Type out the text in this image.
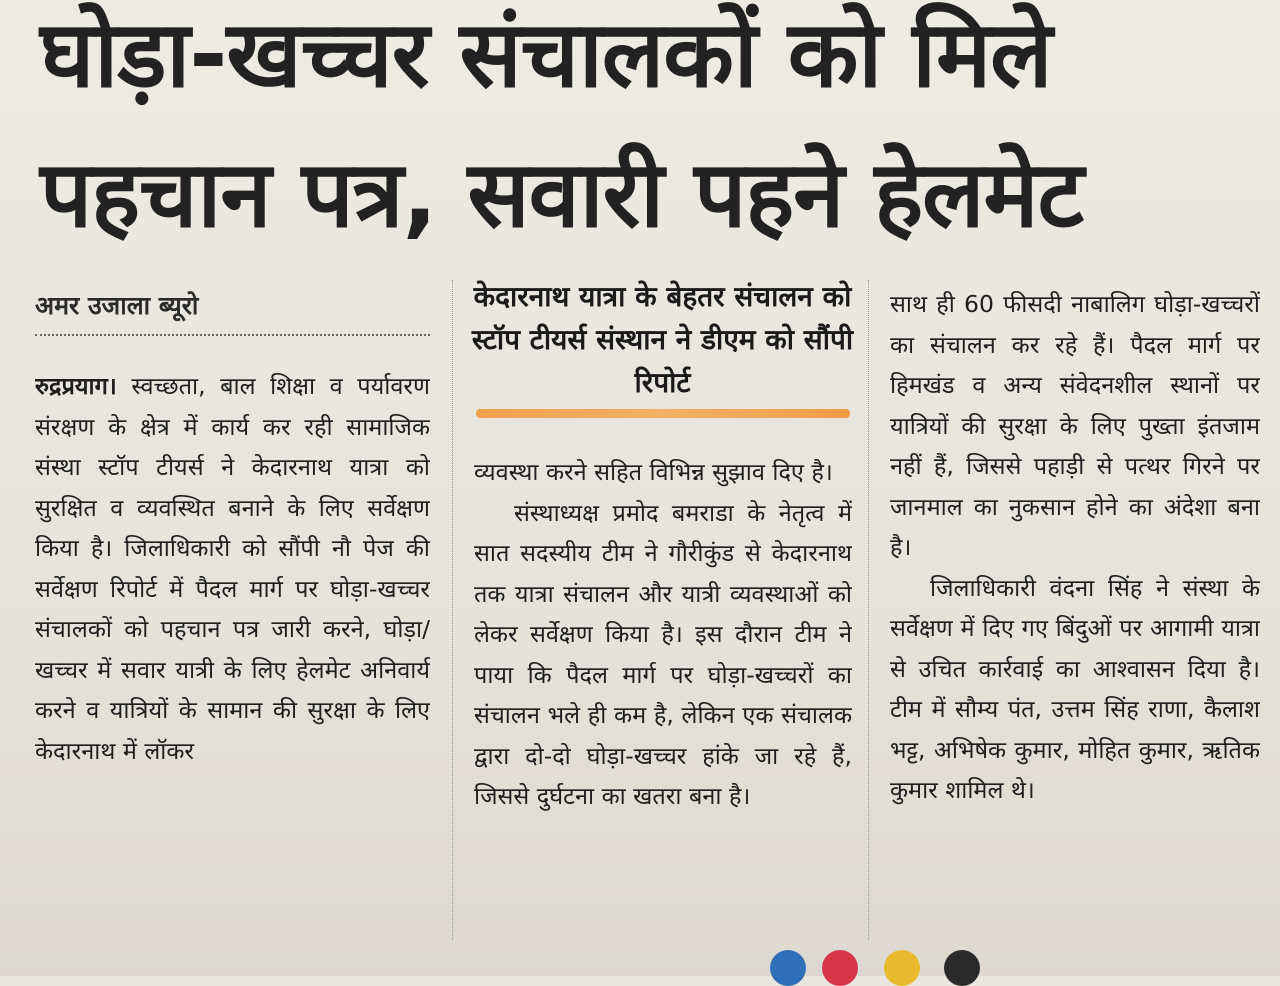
घोड़ा-खच्चर संचालकों को मिले
पहचान पत्र, सवारी पहने हेलमेट
अमर उजाला ब्यूरो

रुद्रप्रयाग। स्वच्छता, बाल शिक्षा व पर्यावरण संरक्षण के क्षेत्र में कार्य कर रही सामाजिक संस्था स्टॉप टीयर्स ने केदारनाथ यात्रा को सुरक्षित व व्यवस्थित बनाने के लिए सर्वेक्षण किया है। जिलाधिकारी को सौंपी नौ पेज की सर्वेक्षण रिपोर्ट में पैदल मार्ग पर घोड़ा-खच्चर संचालकों को पहचान पत्र जारी करने, घोड़ा/खच्चर में सवार यात्री के लिए हेलमेट अनिवार्य करने व यात्रियों के सामान की सुरक्षा के लिए केदारनाथ में लॉकर

केदारनाथ यात्रा के बेहतर संचालन को स्टॉप टीयर्स संस्थान ने डीएम को सौंपी रिपोर्ट

व्यवस्था करने सहित विभिन्न सुझाव दिए है।

संस्थाध्यक्ष प्रमोद बमराडा के नेतृत्व में सात सदस्यीय टीम ने गौरीकुंड से केदारनाथ तक यात्रा संचालन और यात्री व्यवस्थाओं को लेकर सर्वेक्षण किया है। इस दौरान टीम ने पाया कि पैदल मार्ग पर घोड़ा-खच्चरों का संचालन भले ही कम है, लेकिन एक संचालक द्वारा दो-दो घोड़ा-खच्चर हांके जा रहे हैं, जिससे दुर्घटना का खतरा बना है।

साथ ही 60 फीसदी नाबालिग घोड़ा-खच्चरों का संचालन कर रहे हैं। पैदल मार्ग पर हिमखंड व अन्य संवेदनशील स्थानों पर यात्रियों की सुरक्षा के लिए पुख्ता इंतजाम नहीं हैं, जिससे पहाड़ी से पत्थर गिरने पर जानमाल का नुकसान होने का अंदेशा बना है।

जिलाधिकारी वंदना सिंह ने संस्था के सर्वेक्षण में दिए गए बिंदुओं पर आगामी यात्रा से उचित कार्रवाई का आश्वासन दिया है। टीम में सौम्य पंत, उत्तम सिंह राणा, कैलाश भट्ट, अभिषेक कुमार, मोहित कुमार, ऋतिक कुमार शामिल थे।
